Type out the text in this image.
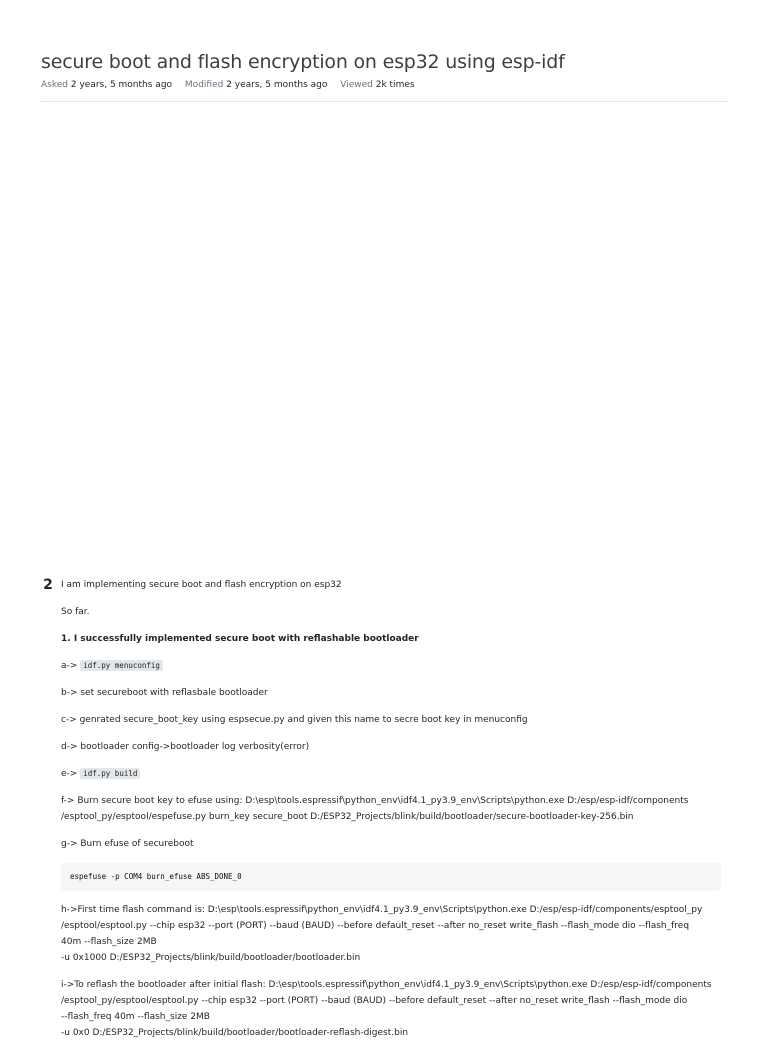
secure boot and flash encryption on esp32 using esp-idf
Asked 2 years, 5 months ago Modified 2 years, 5 months ago Viewed 2k times
2 I am implementing secure boot and flash encryption on esp32

So far.

1. I successfully implemented secure boot with reflashable bootloader

a-> idf.py menuconfig

b-> set secureboot with reflasbale bootloader

c-> genrated secure_boot_key using espsecue.py and given this name to secre boot key in menuconfig

d-> bootloader config->bootloader log verbosity(error)

e-> idf.py build

f-> Burn secure boot key to efuse using: D:\esp\tools.espressif\python_env\idf4.1_py3.9_env\Scripts\python.exe D:/esp/esp-idf/components
/esptool_py/esptool/espefuse.py burn_key secure_boot D:/ESP32_Projects/blink/build/bootloader/secure-bootloader-key-256.bin

g-> Burn efuse of secureboot

espefuse -p COM4 burn_efuse ABS_DONE_0

h->First time flash command is: D:\esp\tools.espressif\python_env\idf4.1_py3.9_env\Scripts\python.exe D:/esp/esp-idf/components/esptool_py
/esptool/esptool.py --chip esp32 --port (PORT) --baud (BAUD) --before default_reset --after no_reset write_flash --flash_mode dio --flash_freq
40m --flash_size 2MB
-u 0x1000 D:/ESP32_Projects/blink/build/bootloader/bootloader.bin

i->To reflash the bootloader after initial flash: D:\esp\tools.espressif\python_env\idf4.1_py3.9_env\Scripts\python.exe D:/esp/esp-idf/components
/esptool_py/esptool/esptool.py --chip esp32 --port (PORT) --baud (BAUD) --before default_reset --after no_reset write_flash --flash_mode dio
--flash_freq 40m --flash_size 2MB
-u 0x0 D:/ESP32_Projects/blink/build/bootloader/bootloader-reflash-digest.bin
